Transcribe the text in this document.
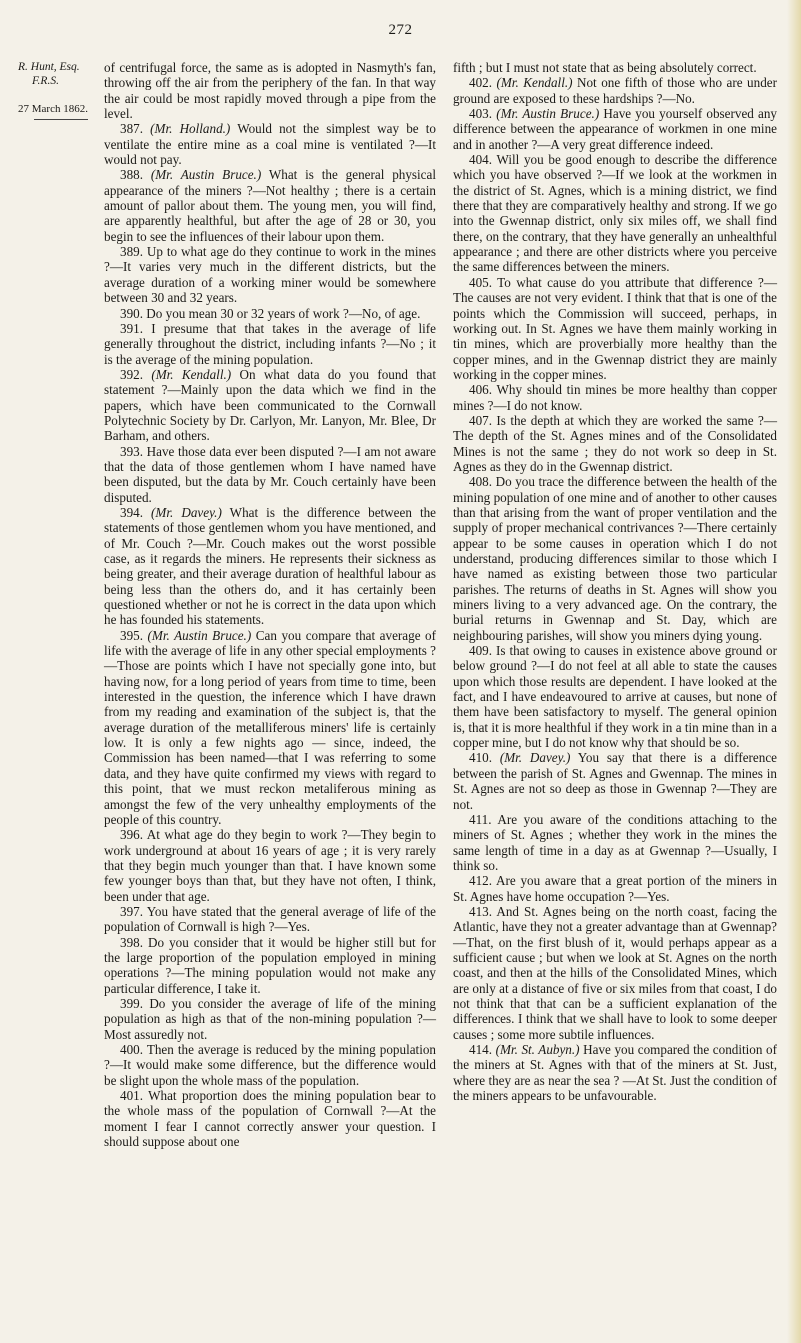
272
R. Hunt, Esq.
F.R.S.
27 March 1862.

of centrifugal force, the same as is adopted in Nasmyth's fan, throwing off the air from the periphery of the fan. In that way the air could be most rapidly moved through a pipe from the level.

387. (Mr. Holland.) Would not the simplest way be to ventilate the entire mine as a coal mine is ventilated ?—It would not pay.

388. (Mr. Austin Bruce.) What is the general physical appearance of the miners ?—Not healthy ; there is a certain amount of pallor about them. The young men, you will find, are apparently healthful, but after the age of 28 or 30, you begin to see the influences of their labour upon them.

389. Up to what age do they continue to work in the mines ?—It varies very much in the different districts, but the average duration of a working miner would be somewhere between 30 and 32 years.

390. Do you mean 30 or 32 years of work ?—No, of age.

391. I presume that that takes in the average of life generally throughout the district, including infants ?—No ; it is the average of the mining population.

392. (Mr. Kendall.) On what data do you found that statement ?—Mainly upon the data which we find in the papers, which have been communicated to the Cornwall Polytechnic Society by Dr. Carlyon, Mr. Lanyon, Mr. Blee, Dr Barham, and others.

393. Have those data ever been disputed ?—I am not aware that the data of those gentlemen whom I have named have been disputed, but the data by Mr. Couch certainly have been disputed.

394. (Mr. Davey.) What is the difference between the statements of those gentlemen whom you have mentioned, and of Mr. Couch ?—Mr. Couch makes out the worst possible case, as it regards the miners. He represents their sickness as being greater, and their average duration of healthful labour as being less than the others do, and it has certainly been questioned whether or not he is correct in the data upon which he has founded his statements.

395. (Mr. Austin Bruce.) Can you compare that average of life with the average of life in any other special employments ?—Those are points which I have not specially gone into, but having now, for a long period of years from time to time, been interested in the question, the inference which I have drawn from my reading and examination of the subject is, that the average duration of the metalliferous miners' life is certainly low. It is only a few nights ago — since, indeed, the Commission has been named—that I was referring to some data, and they have quite confirmed my views with regard to this point, that we must reckon metaliferous mining as amongst the few of the very unhealthy employments of the people of this country.

396. At what age do they begin to work ?—They begin to work underground at about 16 years of age ; it is very rarely that they begin much younger than that. I have known some few younger boys than that, but they have not often, I think, been under that age.

397. You have stated that the general average of life of the population of Cornwall is high ?—Yes.

398. Do you consider that it would be higher still but for the large proportion of the population employed in mining operations ?—The mining population would not make any particular difference, I take it.

399. Do you consider the average of life of the mining population as high as that of the non-mining population ?—Most assuredly not.

400. Then the average is reduced by the mining population ?—It would make some difference, but the difference would be slight upon the whole mass of the population.

401. What proportion does the mining population bear to the whole mass of the population of Cornwall ?—At the moment I fear I cannot correctly answer your question. I should suppose about one

fifth ; but I must not state that as being absolutely correct.

402. (Mr. Kendall.) Not one fifth of those who are under ground are exposed to these hardships ?—No.

403. (Mr. Austin Bruce.) Have you yourself observed any difference between the appearance of workmen in one mine and in another ?—A very great difference indeed.

404. Will you be good enough to describe the difference which you have observed ?—If we look at the workmen in the district of St. Agnes, which is a mining district, we find there that they are comparatively healthy and strong. If we go into the Gwennap district, only six miles off, we shall find there, on the contrary, that they have generally an unhealthful appearance ; and there are other districts where you perceive the same differences between the miners.

405. To what cause do you attribute that difference ?—The causes are not very evident. I think that that is one of the points which the Commission will succeed, perhaps, in working out. In St. Agnes we have them mainly working in tin mines, which are proverbially more healthy than the copper mines, and in the Gwennap district they are mainly working in the copper mines.

406. Why should tin mines be more healthy than copper mines ?—I do not know.

407. Is the depth at which they are worked the same ?—The depth of the St. Agnes mines and of the Consolidated Mines is not the same ; they do not work so deep in St. Agnes as they do in the Gwennap district.

408. Do you trace the difference between the health of the mining population of one mine and of another to other causes than that arising from the want of proper ventilation and the supply of proper mechanical contrivances ?—There certainly appear to be some causes in operation which I do not understand, producing differences similar to those which I have named as existing between those two particular parishes. The returns of deaths in St. Agnes will show you miners living to a very advanced age. On the contrary, the burial returns in Gwennap and St. Day, which are neighbouring parishes, will show you miners dying young.

409. Is that owing to causes in existence above ground or below ground ?—I do not feel at all able to state the causes upon which those results are dependent. I have looked at the fact, and I have endeavoured to arrive at causes, but none of them have been satisfactory to myself. The general opinion is, that it is more healthful if they work in a tin mine than in a copper mine, but I do not know why that should be so.

410. (Mr. Davey.) You say that there is a difference between the parish of St. Agnes and Gwennap. The mines in St. Agnes are not so deep as those in Gwennap ?—They are not.

411. Are you aware of the conditions attaching to the miners of St. Agnes ; whether they work in the mines the same length of time in a day as at Gwennap ?—Usually, I think so.

412. Are you aware that a great portion of the miners in St. Agnes have home occupation ?—Yes.

413. And St. Agnes being on the north coast, facing the Atlantic, have they not a greater advantage than at Gwennap?—That, on the first blush of it, would perhaps appear as a sufficient cause ; but when we look at St. Agnes on the north coast, and then at the hills of the Consolidated Mines, which are only at a distance of five or six miles from that coast, I do not think that that can be a sufficient explanation of the differences. I think that we shall have to look to some deeper causes ; some more subtile influences.

414. (Mr. St. Aubyn.) Have you compared the condition of the miners at St. Agnes with that of the miners at St. Just, where they are as near the sea ? —At St. Just the condition of the miners appears to be unfavourable.
